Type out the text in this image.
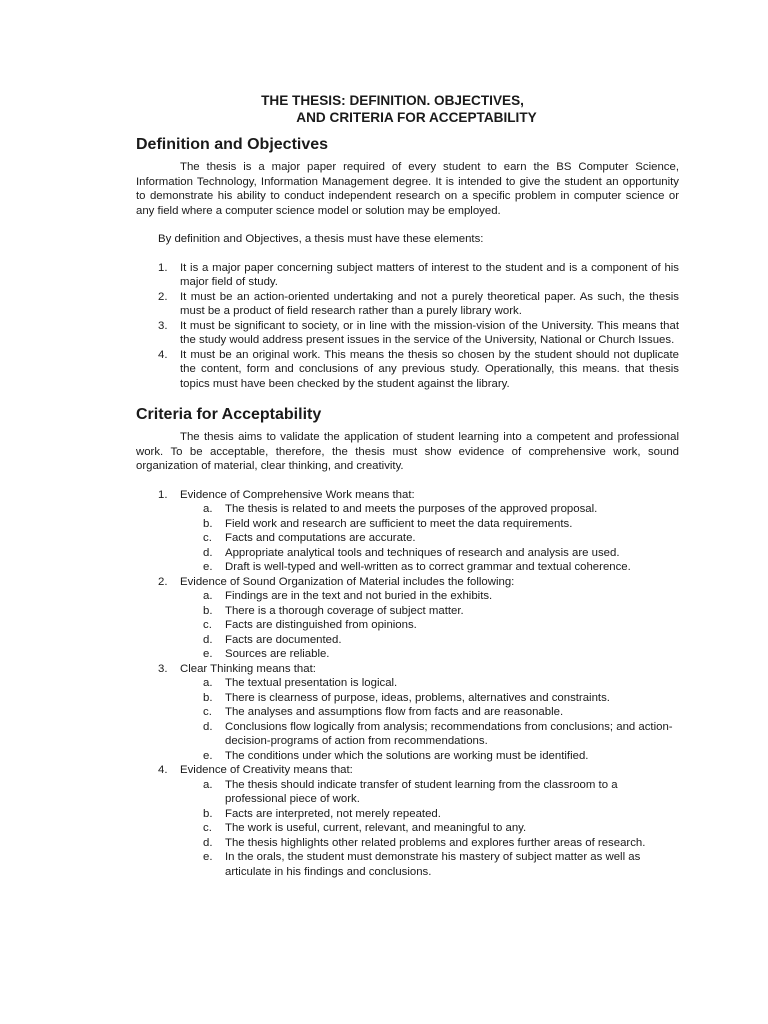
THE THESIS: DEFINITION. OBJECTIVES,
AND CRITERIA FOR ACCEPTABILITY
Definition and Objectives

The thesis is a major paper required of every student to earn the BS Computer Science, Information Technology, Information Management degree. It is intended to give the student an opportunity to demonstrate his ability to conduct independent research on a specific problem in computer science or any field where a computer science model or solution may be employed.

By definition and Objectives, a thesis must have these elements:

1.	It is a major paper concerning subject matters of interest to the student and is a component of his major field of study.
2.	It must be an action-oriented undertaking and not a purely theoretical paper. As such, the thesis must be a product of field research rather than a purely library work.
3.	It must be significant to society, or in line with the mission-vision of the University. This means that the study would address present issues in the service of the University, National or Church Issues.
4.	It must be an original work. This means the thesis so chosen by the student should not duplicate the content, form and conclusions of any previous study. Operationally, this means. that thesis topics must have been checked by the student against the library.
Criteria for Acceptability

The thesis aims to validate the application of student learning into a competent and professional work. To be acceptable, therefore, the thesis must show evidence of comprehensive work, sound organization of material, clear thinking, and creativity.

1.	Evidence of Comprehensive Work means that:
a.	The thesis is related to and meets the purposes of the approved proposal.
b.	Field work and research are sufficient to meet the data requirements.
c.	Facts and computations are accurate.
d.	Appropriate analytical tools and techniques of research and analysis are used.
e.	Draft is well-typed and well-written as to correct grammar and textual coherence.
2.	Evidence of Sound Organization of Material includes the following:
a.	Findings are in the text and not buried in the exhibits.
b.	There is a thorough coverage of subject matter.
c.	Facts are distinguished from opinions.
d.	Facts are documented.
e.	Sources are reliable.
3.	Clear Thinking means that:
a.	The textual presentation is logical.
b.	There is clearness of purpose, ideas, problems, alternatives and constraints.
c.	The analyses and assumptions flow from facts and are reasonable.
d.	Conclusions flow logically from analysis; recommendations from conclusions; and action-decision-programs of action from recommendations.
e.	The conditions under which the solutions are working must be identified.
4.	Evidence of Creativity means that:
a.	The thesis should indicate transfer of student learning from the classroom to a professional piece of work.
b.	Facts are interpreted, not merely repeated.
c.	The work is useful, current, relevant, and meaningful to any.
d.	The thesis highlights other related problems and explores further areas of research.
e.	In the orals, the student must demonstrate his mastery of subject matter as well as articulate in his findings and conclusions.
